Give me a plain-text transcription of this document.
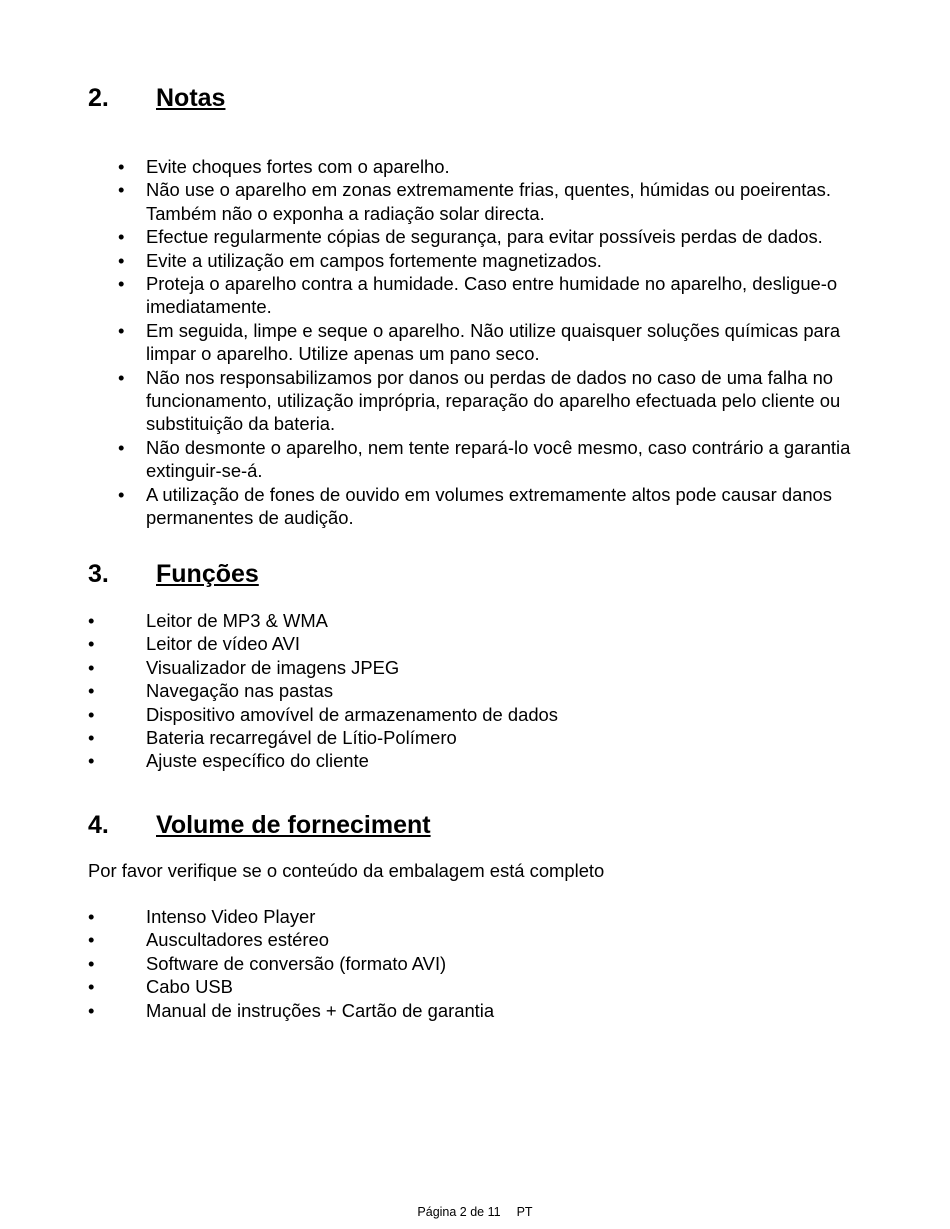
2. Notas
• Evite choques fortes com o aparelho.
• Não use o aparelho em zonas extremamente frias, quentes, húmidas ou poeirentas. Também não o exponha a radiação solar directa.
• Efectue regularmente cópias de segurança, para evitar possíveis perdas de dados.
• Evite a utilização em campos fortemente magnetizados.
• Proteja o aparelho contra a humidade. Caso entre humidade no aparelho, desligue-o imediatamente.
• Em seguida, limpe e seque o aparelho. Não utilize quaisquer soluções químicas para limpar o aparelho. Utilize apenas um pano seco.
• Não nos responsabilizamos por danos ou perdas de dados no caso de uma falha no funcionamento, utilização imprópria, reparação do aparelho efectuada pelo cliente ou substituição da bateria.
• Não desmonte o aparelho, nem tente repará-lo você mesmo, caso contrário a garantia extinguir-se-á.
• A utilização de fones de ouvido em volumes extremamente altos pode causar danos permanentes de audição.
3. Funções
•	Leitor de MP3 & WMA
•	Leitor de vídeo AVI
•	Visualizador de imagens JPEG
•	Navegação nas pastas
•	Dispositivo amovível de armazenamento de dados
•	Bateria recarregável de Lítio-Polímero
•	Ajuste específico do cliente
4. Volume de forneciment
Por favor verifique se o conteúdo da embalagem está completo
•	Intenso Video Player
•	Auscultadores estéreo
•	Software de conversão (formato AVI)
•	Cabo USB
•	Manual de instruções + Cartão de garantia
Página 2 de 11 PT
